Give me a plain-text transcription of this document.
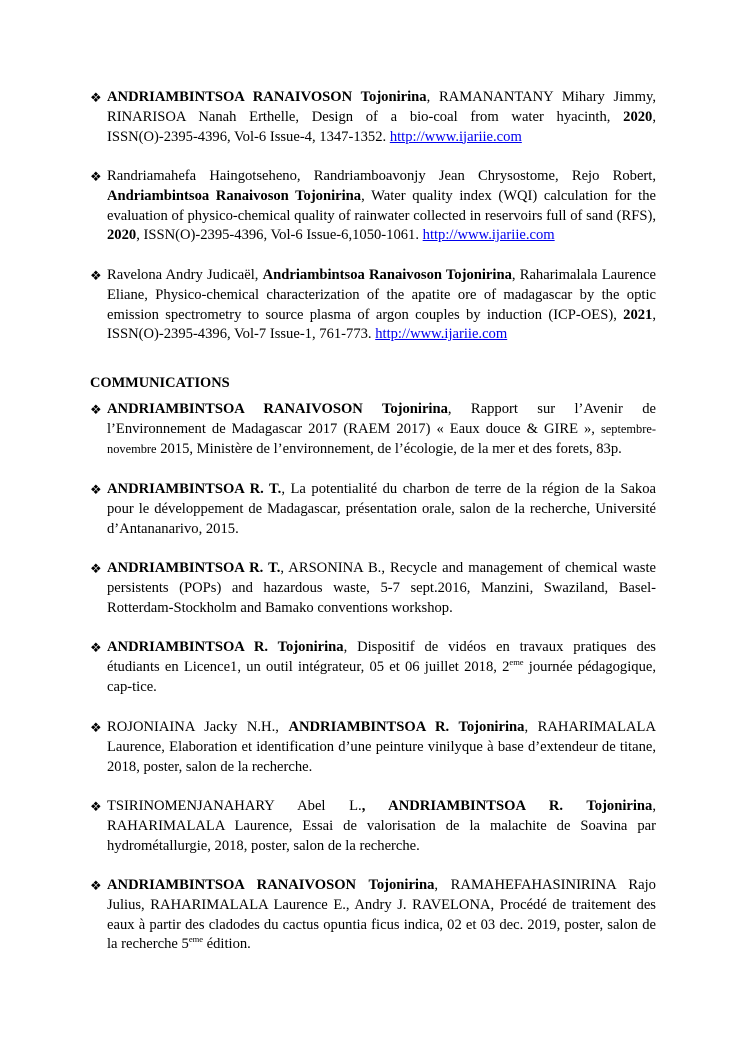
❖ ANDRIAMBINTSOA RANAIVOSON Tojonirina, RAMANANTANY Mihary Jimmy, RINARISOA Nanah Erthelle, Design of a bio-coal from water hyacinth, 2020, ISSN(O)-2395-4396, Vol-6 Issue-4, 1347-1352. http://www.ijariie.com
❖ Randriamahefa Haingotseheno, Randriamboavonjy Jean Chrysostome, Rejo Robert, Andriambintsoa Ranaivoson Tojonirina, Water quality index (WQI) calculation for the evaluation of physico-chemical quality of rainwater collected in reservoirs full of sand (RFS), 2020, ISSN(O)-2395-4396, Vol-6 Issue-6,1050-1061. http://www.ijariie.com
❖ Ravelona Andry Judicaël, Andriambintsoa Ranaivoson Tojonirina, Raharimalala Laurence Eliane, Physico-chemical characterization of the apatite ore of madagascar by the optic emission spectrometry to source plasma of argon couples by induction (ICP-OES), 2021, ISSN(O)-2395-4396, Vol-7 Issue-1, 761-773. http://www.ijariie.com
COMMUNICATIONS
❖ ANDRIAMBINTSOA RANAIVOSON Tojonirina, Rapport sur l’Avenir de l’Environnement de Madagascar 2017 (RAEM 2017) « Eaux douce & GIRE », septembre-novembre 2015, Ministère de l’environnement, de l’écologie, de la mer et des forets, 83p.
❖ ANDRIAMBINTSOA R. T., La potentialité du charbon de terre de la région de la Sakoa pour le développement de Madagascar, présentation orale, salon de la recherche, Université d’Antananarivo, 2015.
❖ ANDRIAMBINTSOA R. T., ARSONINA B., Recycle and management of chemical waste persistents (POPs) and hazardous waste, 5-7 sept.2016, Manzini, Swaziland, Basel-Rotterdam-Stockholm and Bamako conventions workshop.
❖ ANDRIAMBINTSOA R. Tojonirina, Dispositif de vidéos en travaux pratiques des étudiants en Licence1, un outil intégrateur, 05 et 06 juillet 2018, 2eme journée pédagogique, cap-tice.
❖ ROJONIAINA Jacky N.H., ANDRIAMBINTSOA R. Tojonirina, RAHARIMALALA Laurence, Elaboration et identification d’une peinture vinilyque à base d’extendeur de titane, 2018, poster, salon de la recherche.
❖ TSIRINOMENJANAHARY Abel L., ANDRIAMBINTSOA R. Tojonirina, RAHARIMALALA Laurence, Essai de valorisation de la malachite de Soavina par hydrométallurgie, 2018, poster, salon de la recherche.
❖ ANDRIAMBINTSOA RANAIVOSON Tojonirina, RAMAHEFAHASINIRINA Rajo Julius, RAHARIMALALA Laurence E., Andry J. RAVELONA, Procédé de traitement des eaux à partir des cladodes du cactus opuntia ficus indica, 02 et 03 dec. 2019, poster, salon de la recherche 5eme édition.
